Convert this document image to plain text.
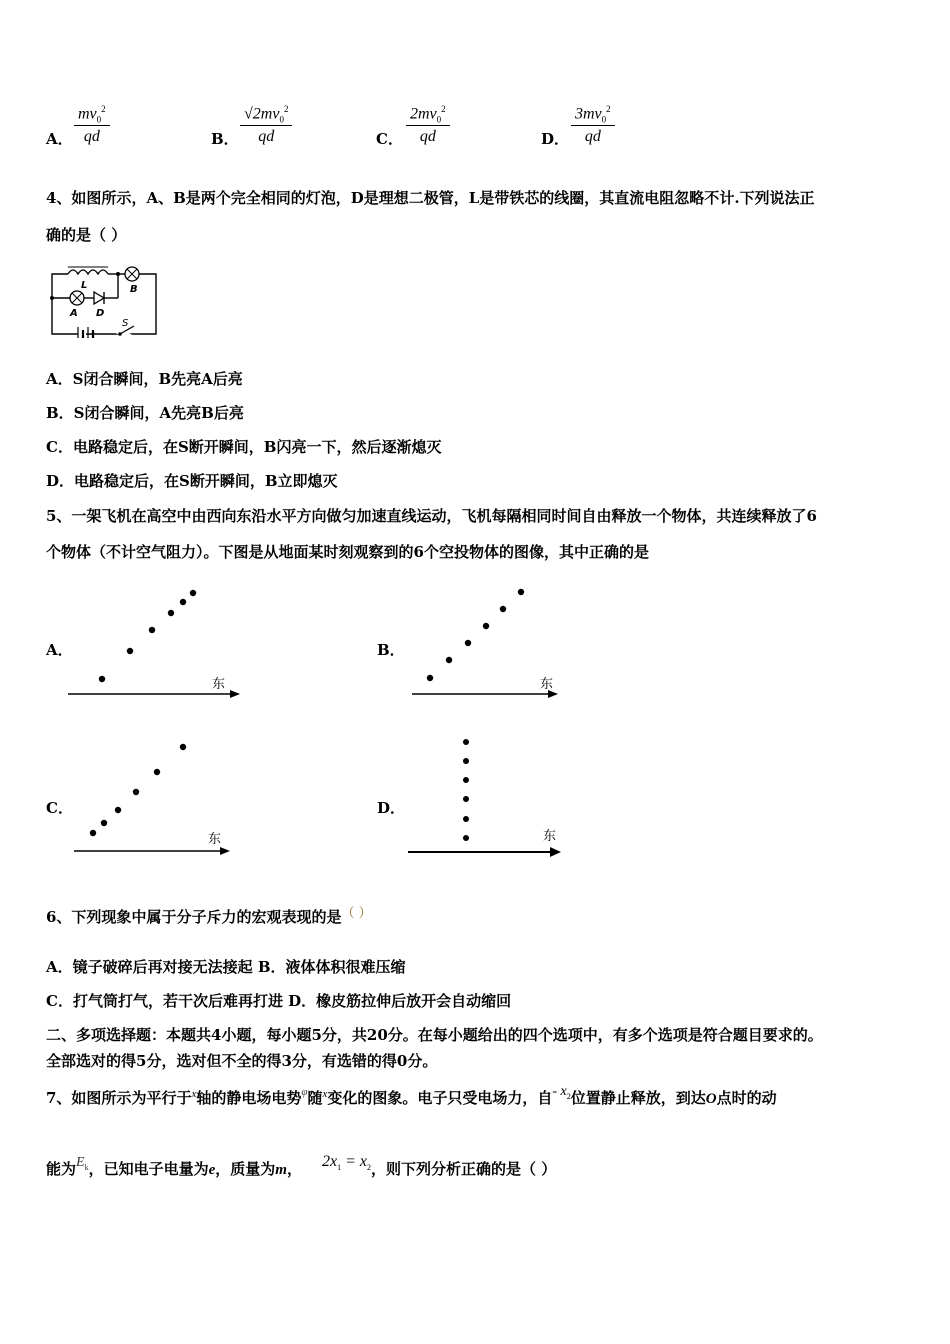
A． $\frac{mv_0^2}{qd}$	B． $\frac{√2mv_0^2}{qd}$	C． $\frac{2mv_0^2}{qd}$	D． $\frac{3mv_0^2}{qd}$
4、如图所示，A、B是两个完全相同的灯泡，D是理想二极管，L是带铁芯的线圈，其直流电阻忽略不计.下列说法正
确的是（ ）
L	B
A D
S
A．S闭合瞬间，B先亮A后亮
B．S闭合瞬间，A先亮B后亮
C．电路稳定后，在S断开瞬间，B闪亮一下，然后逐渐熄灭
D．电路稳定后，在S断开瞬间，B立即熄灭
5、一架飞机在高空中由西向东沿水平方向做匀加速直线运动，飞机每隔相同时间自由释放一个物体，共连续释放了6
个物体（不计空气阻力）。下图是从地面某时刻观察到的6个空投物体的图像，其中正确的是
A．
东
B．
东
C．
东
D．
东
6、下列现象中属于分子斥力的宏观表现的是（ ）
A．镜子破碎后再对接无法接起 B．液体体积很难压缩
C．打气筒打气，若干次后难再打进 D．橡皮筋拉伸后放开会自动缩回
二、多项选择题：本题共4小题，每小题5分，共20分。在每小题给出的四个选项中，有多个选项是符合题目要求的。
全部选对的得5分，选对但不全的得3分，有选错的得0分。
7、如图所示为平行于$^x$轴的静电场电势$^\varphi$随$^x$变化的图象。电子只受电场力，自- $x_2$位置静止释放，到达O点时的动
能为$E_k$，已知电子电量为e，质量为m， $2x_1 = x_2$，则下列分析正确的是（ ）
